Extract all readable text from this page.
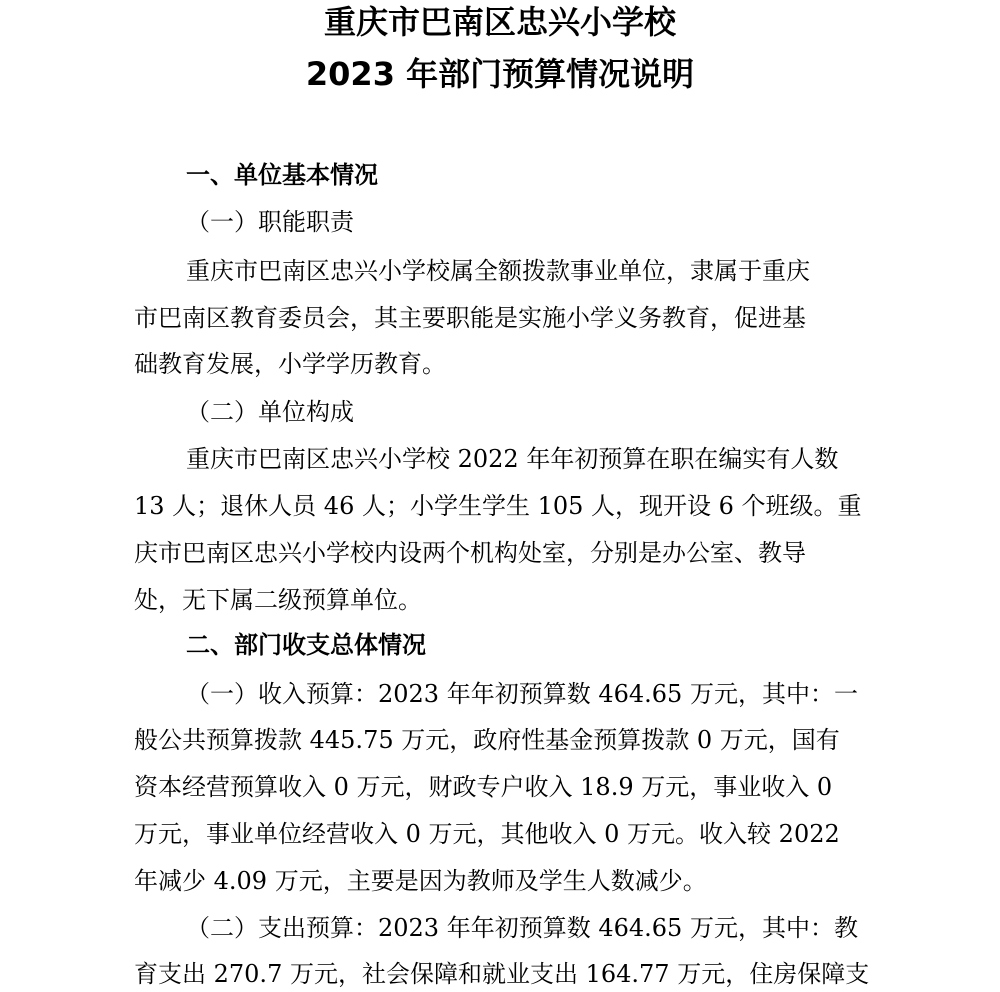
重庆市巴南区忠兴小学校
2023 年部门预算情况说明
一、单位基本情况
（一）职能职责
重庆市巴南区忠兴小学校属全额拨款事业单位，隶属于重庆
市巴南区教育委员会，其主要职能是实施小学义务教育，促进基
础教育发展，小学学历教育。
（二）单位构成
重庆市巴南区忠兴小学校 2022 年年初预算在职在编实有人数
13 人；退休人员 46 人；小学生学生 105 人，现开设 6 个班级。重
庆市巴南区忠兴小学校内设两个机构处室，分别是办公室、教导
处，无下属二级预算单位。
二、部门收支总体情况
（一）收入预算：2023 年年初预算数 464.65 万元，其中：一
般公共预算拨款 445.75 万元，政府性基金预算拨款 0 万元，国有
资本经营预算收入 0 万元，财政专户收入 18.9 万元，事业收入 0
万元，事业单位经营收入 0 万元，其他收入 0 万元。收入较 2022
年减少 4.09 万元，主要是因为教师及学生人数减少。
（二）支出预算：2023 年年初预算数 464.65 万元，其中：教
育支出 270.7 万元，社会保障和就业支出 164.77 万元，住房保障支
